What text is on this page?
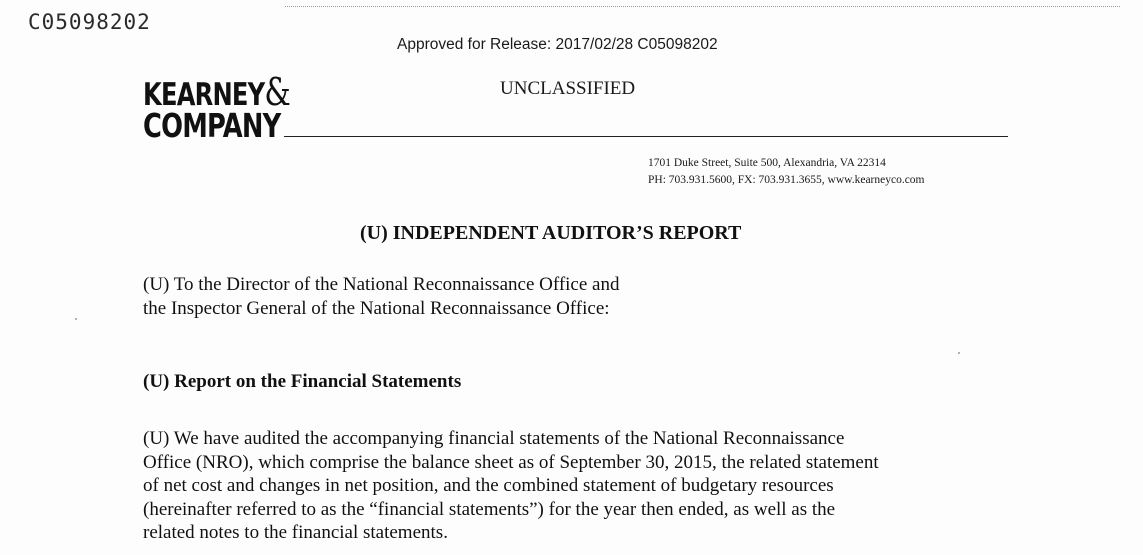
C05098202
Approved for Release: 2017/02/28 C05098202
KEARNEY&
COMPANY
UNCLASSIFIED
1701 Duke Street, Suite 500, Alexandria, VA 22314
PH: 703.931.5600, FX: 703.931.3655, www.kearneyco.com
(U) INDEPENDENT AUDITOR’S REPORT
(U) To the Director of the National Reconnaissance Office and
the Inspector General of the National Reconnaissance Office:
(U) Report on the Financial Statements
(U) We have audited the accompanying financial statements of the National Reconnaissance
Office (NRO), which comprise the balance sheet as of September 30, 2015, the related statement
of net cost and changes in net position, and the combined statement of budgetary resources
(hereinafter referred to as the “financial statements”) for the year then ended, as well as the
related notes to the financial statements.
